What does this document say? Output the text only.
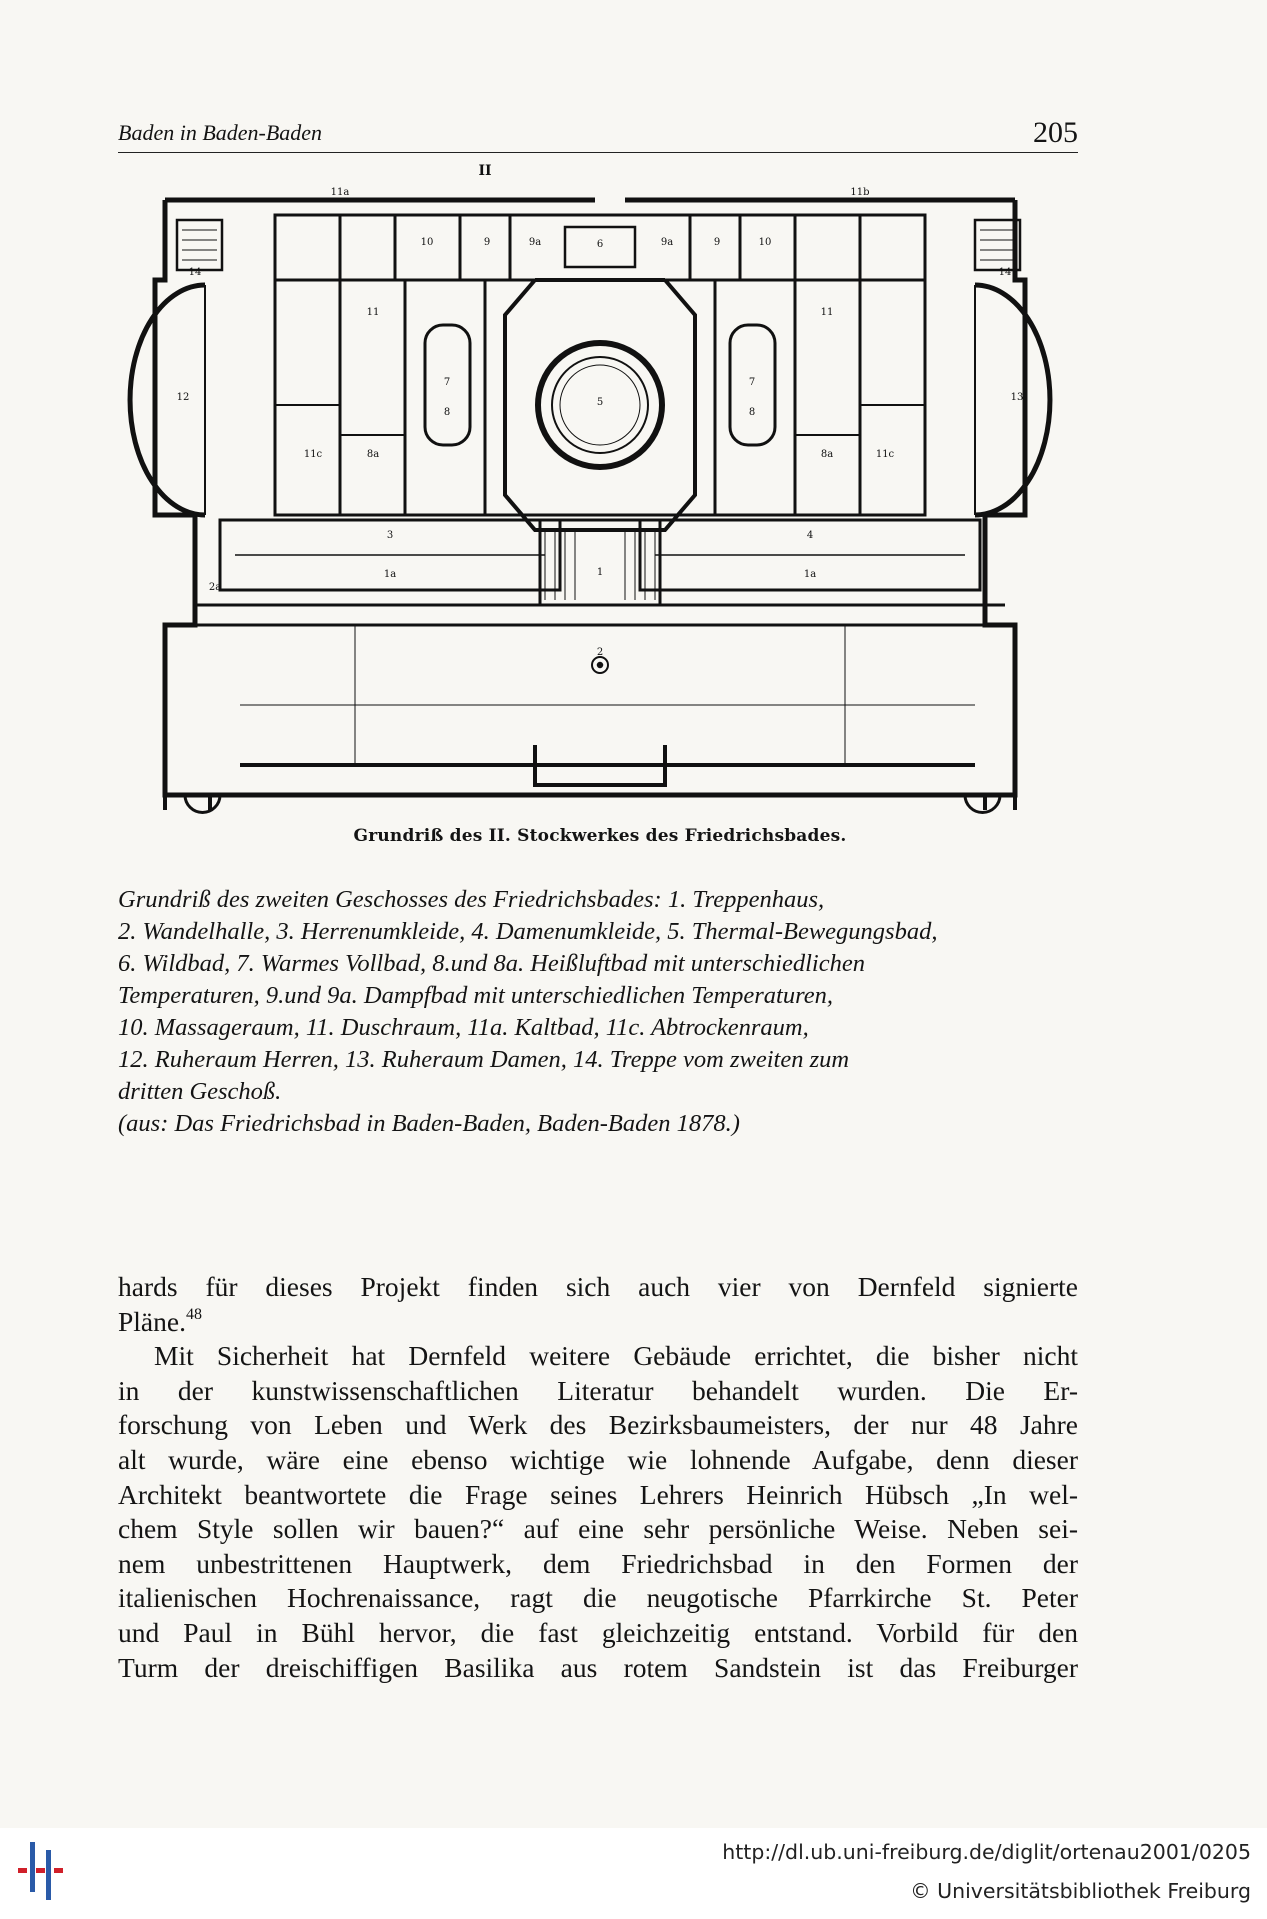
Baden in Baden-Baden	205
II
1
1a	1a
2
2a
3	4
5
6
7	7
8	8
8a	8a
9	9
9a	9a
10	10
11	11
11a	11b
11c	11c
12	13
14	14
Grundriß des II. Stockwerkes des Friedrichsbades.
Grundriß des zweiten Geschosses des Friedrichsbades: 1. Treppenhaus,
2. Wandelhalle, 3. Herrenumkleide, 4. Damenumkleide, 5. Thermal-Bewegungsbad,
6. Wildbad, 7. Warmes Vollbad, 8.und 8a. Heißluftbad mit unterschiedlichen
Temperaturen, 9.und 9a. Dampfbad mit unterschiedlichen Temperaturen,
10. Massageraum, 11. Duschraum, 11a. Kaltbad, 11c. Abtrockenraum,
12. Ruheraum Herren, 13. Ruheraum Damen, 14. Treppe vom zweiten zum
dritten Geschoß.
(aus: Das Friedrichsbad in Baden-Baden, Baden-Baden 1878.)

hards für dieses Projekt finden sich auch vier von Dernfeld signierte
Pläne.$^{48}$

Mit Sicherheit hat Dernfeld weitere Gebäude errichtet, die bisher nicht
in der kunstwissenschaftlichen Literatur behandelt wurden. Die Er-
forschung von Leben und Werk des Bezirksbaumeisters, der nur 48 Jahre
alt wurde, wäre eine ebenso wichtige wie lohnende Aufgabe, denn dieser
Architekt beantwortete die Frage seines Lehrers Heinrich Hübsch „In wel-
chem Style sollen wir bauen?“ auf eine sehr persönliche Weise. Neben sei-
nem unbestrittenen Hauptwerk, dem Friedrichsbad in den Formen der
italienischen Hochrenaissance, ragt die neugotische Pfarrkirche St. Peter
und Paul in Bühl hervor, die fast gleichzeitig entstand. Vorbild für den
Turm der dreischiffigen Basilika aus rotem Sandstein ist das Freiburger

http://dl.ub.uni-freiburg.de/diglit/ortenau2001/0205
© Universitätsbibliothek Freiburg
